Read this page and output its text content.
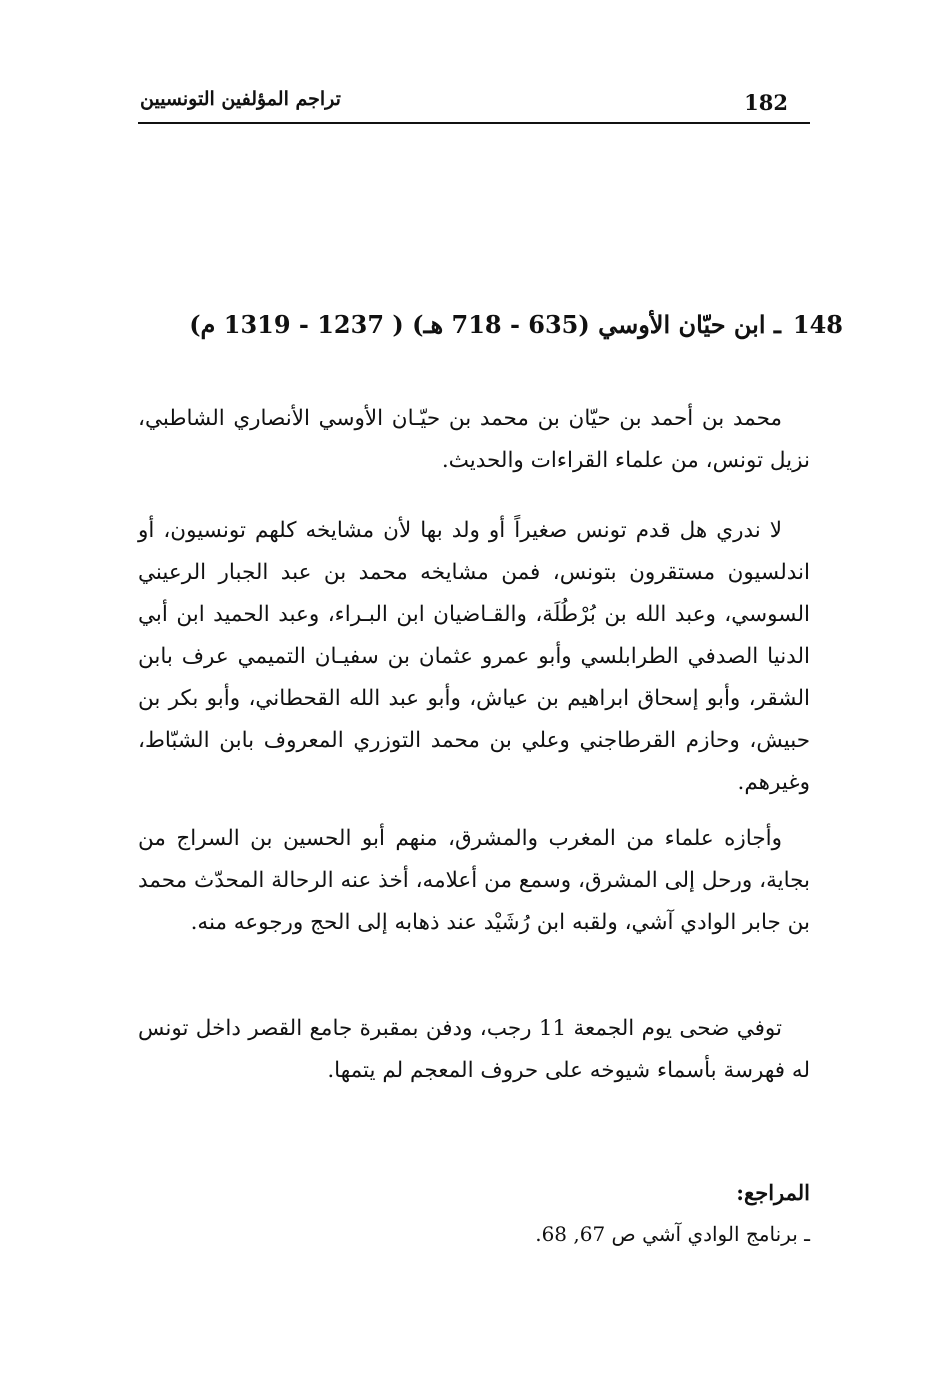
تراجم المؤلفين التونسيين	182
148ـ ابن حيّان الأوسي (635 - 718 هـ) ( 1237 - 1319 م)

محمد بن أحمد بن حيّان بن محمد بن حيّـان الأوسي الأنصاري الشاطبي، نزيل تونس، من علماء القراءات والحديث.

لا ندري هل قدم تونس صغيراً أو ولد بها لأن مشايخه كلهم تونسيون، أو اندلسيون مستقرون بتونس، فمن مشايخه محمد بن عبد الجبار الرعيني السوسي، وعبد الله بن بُرْطُلَة، والقـاضيان ابن البـراء، وعبد الحميد ابن أبي الدنيا الصدفي الطرابلسي وأبو عمرو عثمان بن سفيـان التميمي عرف بابن الشقر، وأبو إسحاق ابراهيم بن عياش، وأبو عبد الله القحطاني، وأبو بكر بن حبيش، وحازم القرطاجني وعلي بن محمد التوزري المعروف بابن الشبّاط، وغيرهم.

وأجازه علماء من المغرب والمشرق، منهم أبو الحسين بن السراج من بجاية، ورحل إلى المشرق، وسمع من أعلامه، أخذ عنه الرحالة المحدّث محمد بن جابر الوادي آشي، ولقبه ابن رُشَيْد عند ذهابه إلى الحج ورجوعه منه.

توفي ضحى يوم الجمعة 11 رجب، ودفن بمقبرة جامع القصر داخل تونس له فهرسة بأسماء شيوخه على حروف المعجم لم يتمها.

المراجع:
ـ برنامج الوادي آشي ص 67, 68.
